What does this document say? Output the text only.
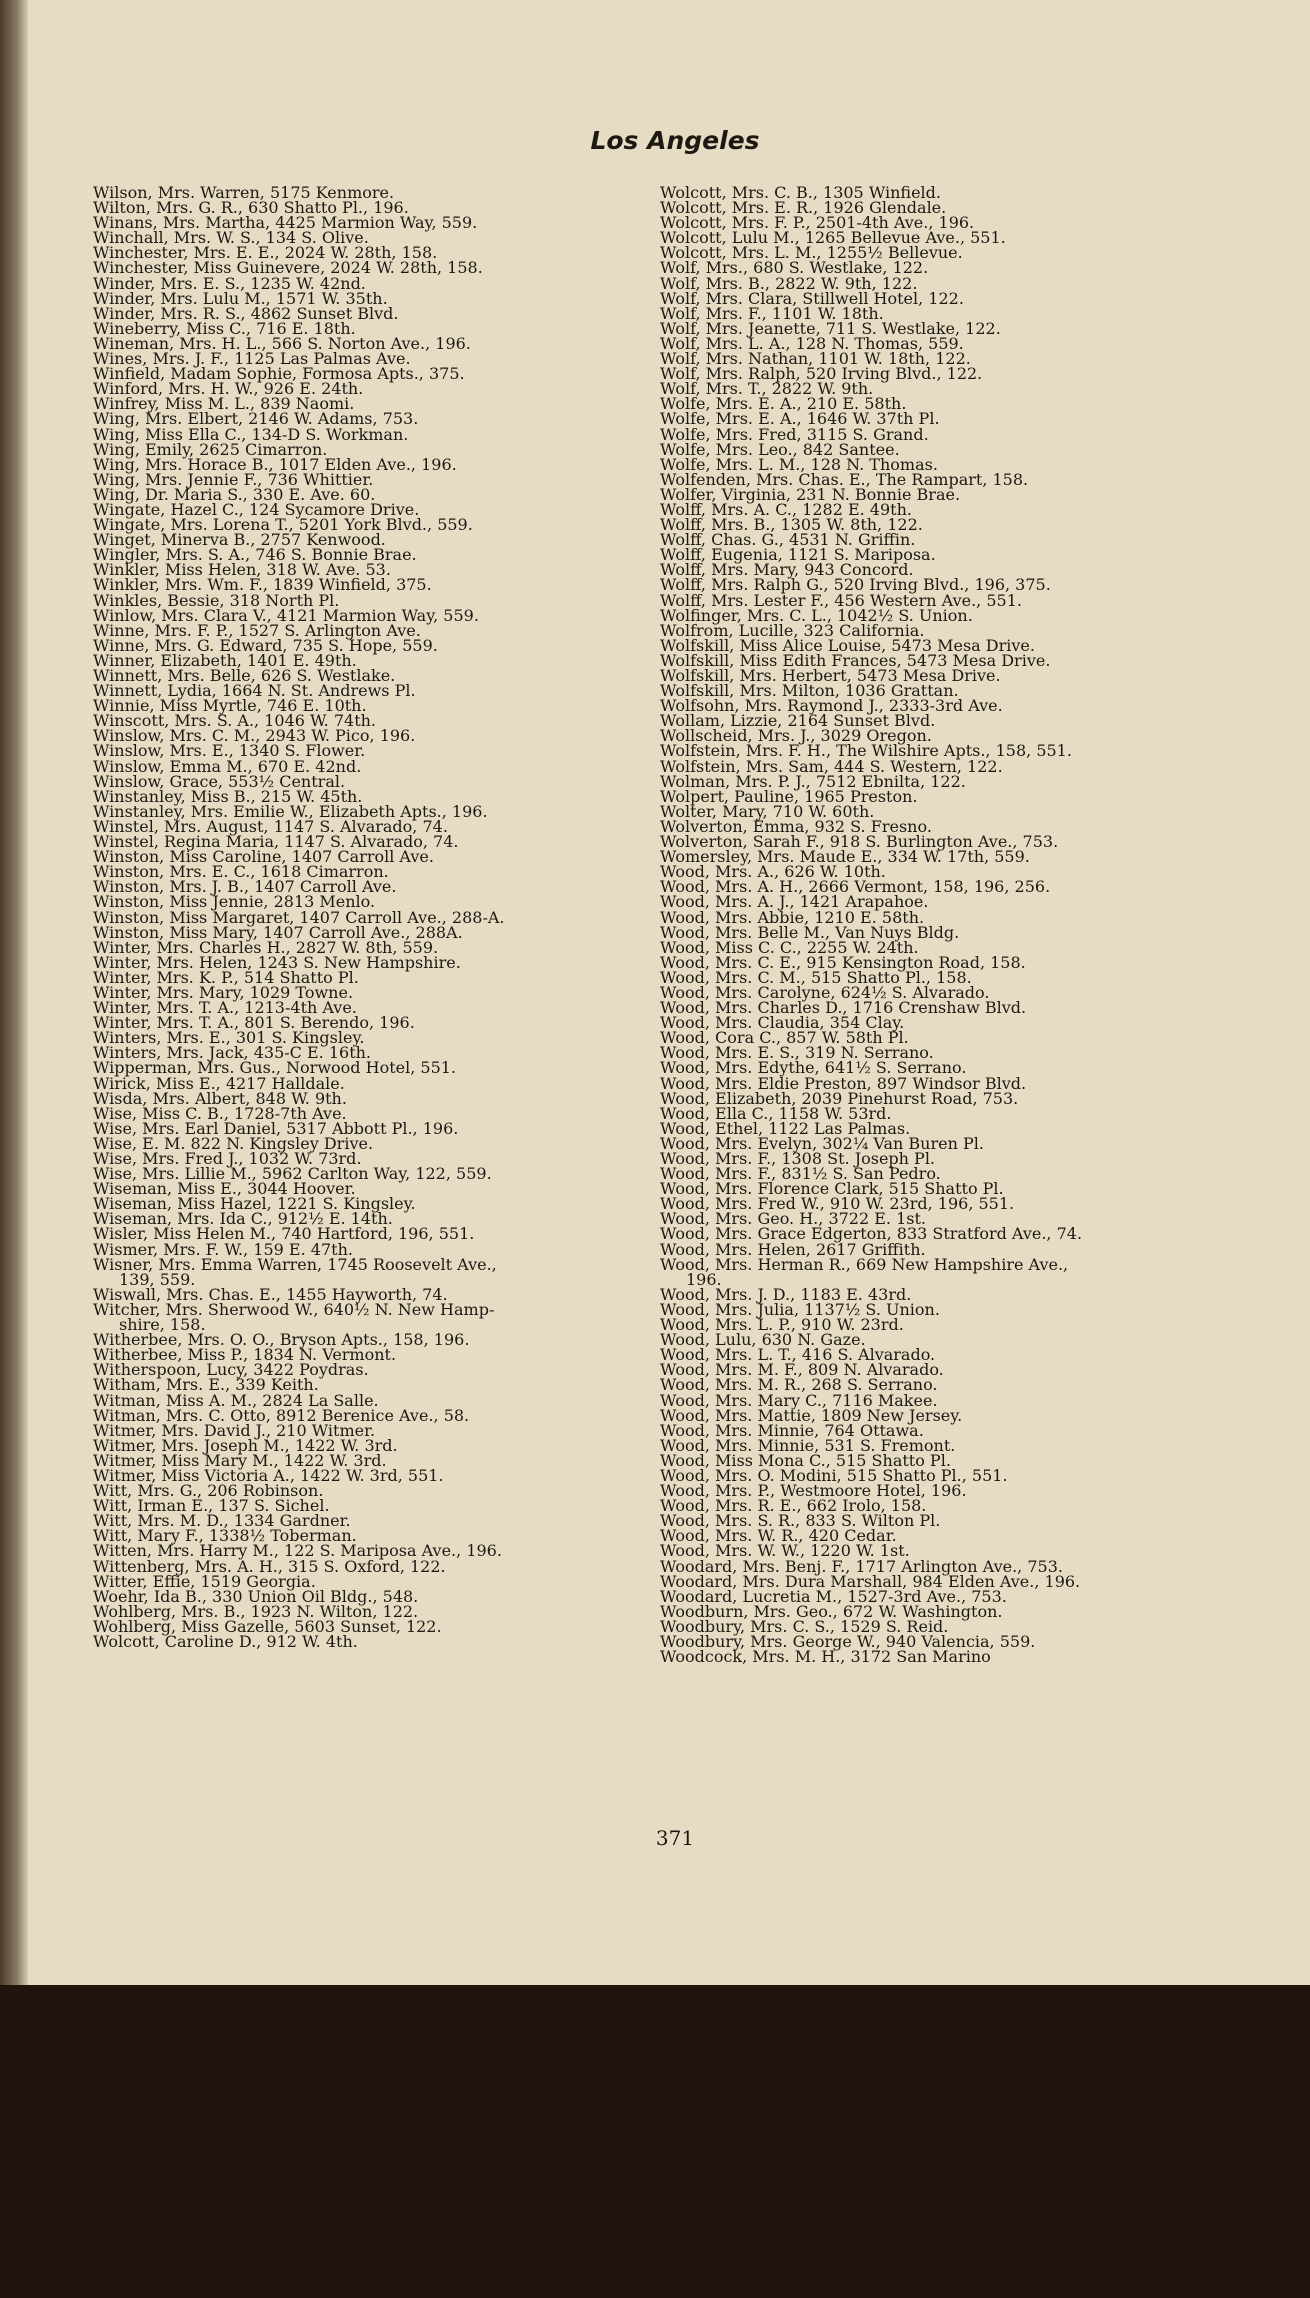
Los Angeles
Wilson, Mrs. Warren, 5175 Kenmore.
Wilton, Mrs. G. R., 630 Shatto Pl., 196.
Winans, Mrs. Martha, 4425 Marmion Way, 559.
Winchall, Mrs. W. S., 134 S. Olive.
Winchester, Mrs. E. E., 2024 W. 28th, 158.
Winchester, Miss Guinevere, 2024 W. 28th, 158.
Winder, Mrs. E. S., 1235 W. 42nd.
Winder, Mrs. Lulu M., 1571 W. 35th.
Winder, Mrs. R. S., 4862 Sunset Blvd.
Wineberry, Miss C., 716 E. 18th.
Wineman, Mrs. H. L., 566 S. Norton Ave., 196.
Wines, Mrs. J. F., 1125 Las Palmas Ave.
Winfield, Madam Sophie, Formosa Apts., 375.
Winford, Mrs. H. W., 926 E. 24th.
Winfrey, Miss M. L., 839 Naomi.
Wing, Mrs. Elbert, 2146 W. Adams, 753.
Wing, Miss Ella C., 134-D S. Workman.
Wing, Emily, 2625 Cimarron.
Wing, Mrs. Horace B., 1017 Elden Ave., 196.
Wing, Mrs. Jennie F., 736 Whittier.
Wing, Dr. Maria S., 330 E. Ave. 60.
Wingate, Hazel C., 124 Sycamore Drive.
Wingate, Mrs. Lorena T., 5201 York Blvd., 559.
Winget, Minerva B., 2757 Kenwood.
Wingler, Mrs. S. A., 746 S. Bonnie Brae.
Winkler, Miss Helen, 318 W. Ave. 53.
Winkler, Mrs. Wm. F., 1839 Winfield, 375.
Winkles, Bessie, 318 North Pl.
Winlow, Mrs. Clara V., 4121 Marmion Way, 559.
Winne, Mrs. F. P., 1527 S. Arlington Ave.
Winne, Mrs. G. Edward, 735 S. Hope, 559.
Winner, Elizabeth, 1401 E. 49th.
Winnett, Mrs. Belle, 626 S. Westlake.
Winnett, Lydia, 1664 N. St. Andrews Pl.
Winnie, Miss Myrtle, 746 E. 10th.
Winscott, Mrs. S. A., 1046 W. 74th.
Winslow, Mrs. C. M., 2943 W. Pico, 196.
Winslow, Mrs. E., 1340 S. Flower.
Winslow, Emma M., 670 E. 42nd.
Winslow, Grace, 553½ Central.
Winstanley, Miss B., 215 W. 45th.
Winstanley, Mrs. Emilie W., Elizabeth Apts., 196.
Winstel, Mrs. August, 1147 S. Alvarado, 74.
Winstel, Regina Maria, 1147 S. Alvarado, 74.
Winston, Miss Caroline, 1407 Carroll Ave.
Winston, Mrs. E. C., 1618 Cimarron.
Winston, Mrs. J. B., 1407 Carroll Ave.
Winston, Miss Jennie, 2813 Menlo.
Winston, Miss Margaret, 1407 Carroll Ave., 288-A.
Winston, Miss Mary, 1407 Carroll Ave., 288A.
Winter, Mrs. Charles H., 2827 W. 8th, 559.
Winter, Mrs. Helen, 1243 S. New Hampshire.
Winter, Mrs. K. P., 514 Shatto Pl.
Winter, Mrs. Mary, 1029 Towne.
Winter, Mrs. T. A., 1213-4th Ave.
Winter, Mrs. T. A., 801 S. Berendo, 196.
Winters, Mrs. E., 301 S. Kingsley.
Winters, Mrs. Jack, 435-C E. 16th.
Wipperman, Mrs. Gus., Norwood Hotel, 551.
Wirick, Miss E., 4217 Halldale.
Wisda, Mrs. Albert, 848 W. 9th.
Wise, Miss C. B., 1728-7th Ave.
Wise, Mrs. Earl Daniel, 5317 Abbott Pl., 196.
Wise, E. M. 822 N. Kingsley Drive.
Wise, Mrs. Fred J., 1032 W. 73rd.
Wise, Mrs. Lillie M., 5962 Carlton Way, 122, 559.
Wiseman, Miss E., 3044 Hoover.
Wiseman, Miss Hazel, 1221 S. Kingsley.
Wiseman, Mrs. Ida C., 912½ E. 14th.
Wisler, Miss Helen M., 740 Hartford, 196, 551.
Wismer, Mrs. F. W., 159 E. 47th.
Wisner, Mrs. Emma Warren, 1745 Roosevelt Ave.,
139, 559.
Wiswall, Mrs. Chas. E., 1455 Hayworth, 74.
Witcher, Mrs. Sherwood W., 640½ N. New Hamp-
shire, 158.
Witherbee, Mrs. O. O., Bryson Apts., 158, 196.
Witherbee, Miss P., 1834 N. Vermont.
Witherspoon, Lucy, 3422 Poydras.
Witham, Mrs. E., 339 Keith.
Witman, Miss A. M., 2824 La Salle.
Witman, Mrs. C. Otto, 8912 Berenice Ave., 58.
Witmer, Mrs. David J., 210 Witmer.
Witmer, Mrs. Joseph M., 1422 W. 3rd.
Witmer, Miss Mary M., 1422 W. 3rd.
Witmer, Miss Victoria A., 1422 W. 3rd, 551.
Witt, Mrs. G., 206 Robinson.
Witt, Irman E., 137 S. Sichel.
Witt, Mrs. M. D., 1334 Gardner.
Witt, Mary F., 1338½ Toberman.
Witten, Mrs. Harry M., 122 S. Mariposa Ave., 196.
Wittenberg, Mrs. A. H., 315 S. Oxford, 122.
Witter, Effie, 1519 Georgia.
Woehr, Ida B., 330 Union Oil Bldg., 548.
Wohlberg, Mrs. B., 1923 N. Wilton, 122.
Wohlberg, Miss Gazelle, 5603 Sunset, 122.
Wolcott, Caroline D., 912 W. 4th.
Wolcott, Mrs. C. B., 1305 Winfield.
Wolcott, Mrs. E. R., 1926 Glendale.
Wolcott, Mrs. F. P., 2501-4th Ave., 196.
Wolcott, Lulu M., 1265 Bellevue Ave., 551.
Wolcott, Mrs. L. M., 1255½ Bellevue.
Wolf, Mrs., 680 S. Westlake, 122.
Wolf, Mrs. B., 2822 W. 9th, 122.
Wolf, Mrs. Clara, Stillwell Hotel, 122.
Wolf, Mrs. F., 1101 W. 18th.
Wolf, Mrs. Jeanette, 711 S. Westlake, 122.
Wolf, Mrs. L. A., 128 N. Thomas, 559.
Wolf, Mrs. Nathan, 1101 W. 18th, 122.
Wolf, Mrs. Ralph, 520 Irving Blvd., 122.
Wolf, Mrs. T., 2822 W. 9th.
Wolfe, Mrs. E. A., 210 E. 58th.
Wolfe, Mrs. E. A., 1646 W. 37th Pl.
Wolfe, Mrs. Fred, 3115 S. Grand.
Wolfe, Mrs. Leo., 842 Santee.
Wolfe, Mrs. L. M., 128 N. Thomas.
Wolfenden, Mrs. Chas. E., The Rampart, 158.
Wolfer, Virginia, 231 N. Bonnie Brae.
Wolff, Mrs. A. C., 1282 E. 49th.
Wolff, Mrs. B., 1305 W. 8th, 122.
Wolff, Chas. G., 4531 N. Griffin.
Wolff, Eugenia, 1121 S. Mariposa.
Wolff, Mrs. Mary, 943 Concord.
Wolff, Mrs. Ralph G., 520 Irving Blvd., 196, 375.
Wolff, Mrs. Lester F., 456 Western Ave., 551.
Wolfinger, Mrs. C. L., 1042½ S. Union.
Wolfrom, Lucille, 323 California.
Wolfskill, Miss Alice Louise, 5473 Mesa Drive.
Wolfskill, Miss Edith Frances, 5473 Mesa Drive.
Wolfskill, Mrs. Herbert, 5473 Mesa Drive.
Wolfskill, Mrs. Milton, 1036 Grattan.
Wolfsohn, Mrs. Raymond J., 2333-3rd Ave.
Wollam, Lizzie, 2164 Sunset Blvd.
Wollscheid, Mrs. J., 3029 Oregon.
Wolfstein, Mrs. F. H., The Wilshire Apts., 158, 551.
Wolfstein, Mrs. Sam, 444 S. Western, 122.
Wolman, Mrs. P. J., 7512 Ebnilta, 122.
Wolpert, Pauline, 1965 Preston.
Wolter, Mary, 710 W. 60th.
Wolverton, Emma, 932 S. Fresno.
Wolverton, Sarah F., 918 S. Burlington Ave., 753.
Womersley, Mrs. Maude E., 334 W. 17th, 559.
Wood, Mrs. A., 626 W. 10th.
Wood, Mrs. A. H., 2666 Vermont, 158, 196, 256.
Wood, Mrs. A. J., 1421 Arapahoe.
Wood, Mrs. Abbie, 1210 E. 58th.
Wood, Mrs. Belle M., Van Nuys Bldg.
Wood, Miss C. C., 2255 W. 24th.
Wood, Mrs. C. E., 915 Kensington Road, 158.
Wood, Mrs. C. M., 515 Shatto Pl., 158.
Wood, Mrs. Carolyne, 624½ S. Alvarado.
Wood, Mrs. Charles D., 1716 Crenshaw Blvd.
Wood, Mrs. Claudia, 354 Clay.
Wood, Cora C., 857 W. 58th Pl.
Wood, Mrs. E. S., 319 N. Serrano.
Wood, Mrs. Edythe, 641½ S. Serrano.
Wood, Mrs. Eldie Preston, 897 Windsor Blvd.
Wood, Elizabeth, 2039 Pinehurst Road, 753.
Wood, Ella C., 1158 W. 53rd.
Wood, Ethel, 1122 Las Palmas.
Wood, Mrs. Evelyn, 302¼ Van Buren Pl.
Wood, Mrs. F., 1308 St. Joseph Pl.
Wood, Mrs. F., 831½ S. San Pedro.
Wood, Mrs. Florence Clark, 515 Shatto Pl.
Wood, Mrs. Fred W., 910 W. 23rd, 196, 551.
Wood, Mrs. Geo. H., 3722 E. 1st.
Wood, Mrs. Grace Edgerton, 833 Stratford Ave., 74.
Wood, Mrs. Helen, 2617 Griffith.
Wood, Mrs. Herman R., 669 New Hampshire Ave.,
196.
Wood, Mrs. J. D., 1183 E. 43rd.
Wood, Mrs. Julia, 1137½ S. Union.
Wood, Mrs. L. P., 910 W. 23rd.
Wood, Lulu, 630 N. Gaze.
Wood, Mrs. L. T., 416 S. Alvarado.
Wood, Mrs. M. F., 809 N. Alvarado.
Wood, Mrs. M. R., 268 S. Serrano.
Wood, Mrs. Mary C., 7116 Makee.
Wood, Mrs. Mattie, 1809 New Jersey.
Wood, Mrs. Minnie, 764 Ottawa.
Wood, Mrs. Minnie, 531 S. Fremont.
Wood, Miss Mona C., 515 Shatto Pl.
Wood, Mrs. O. Modini, 515 Shatto Pl., 551.
Wood, Mrs. P., Westmoore Hotel, 196.
Wood, Mrs. R. E., 662 Irolo, 158.
Wood, Mrs. S. R., 833 S. Wilton Pl.
Wood, Mrs. W. R., 420 Cedar.
Wood, Mrs. W. W., 1220 W. 1st.
Woodard, Mrs. Benj. F., 1717 Arlington Ave., 753.
Woodard, Mrs. Dura Marshall, 984 Elden Ave., 196.
Woodard, Lucretia M., 1527-3rd Ave., 753.
Woodburn, Mrs. Geo., 672 W. Washington.
Woodbury, Mrs. C. S., 1529 S. Reid.
Woodbury, Mrs. George W., 940 Valencia, 559.
Woodcock, Mrs. M. H., 3172 San Marino
371
